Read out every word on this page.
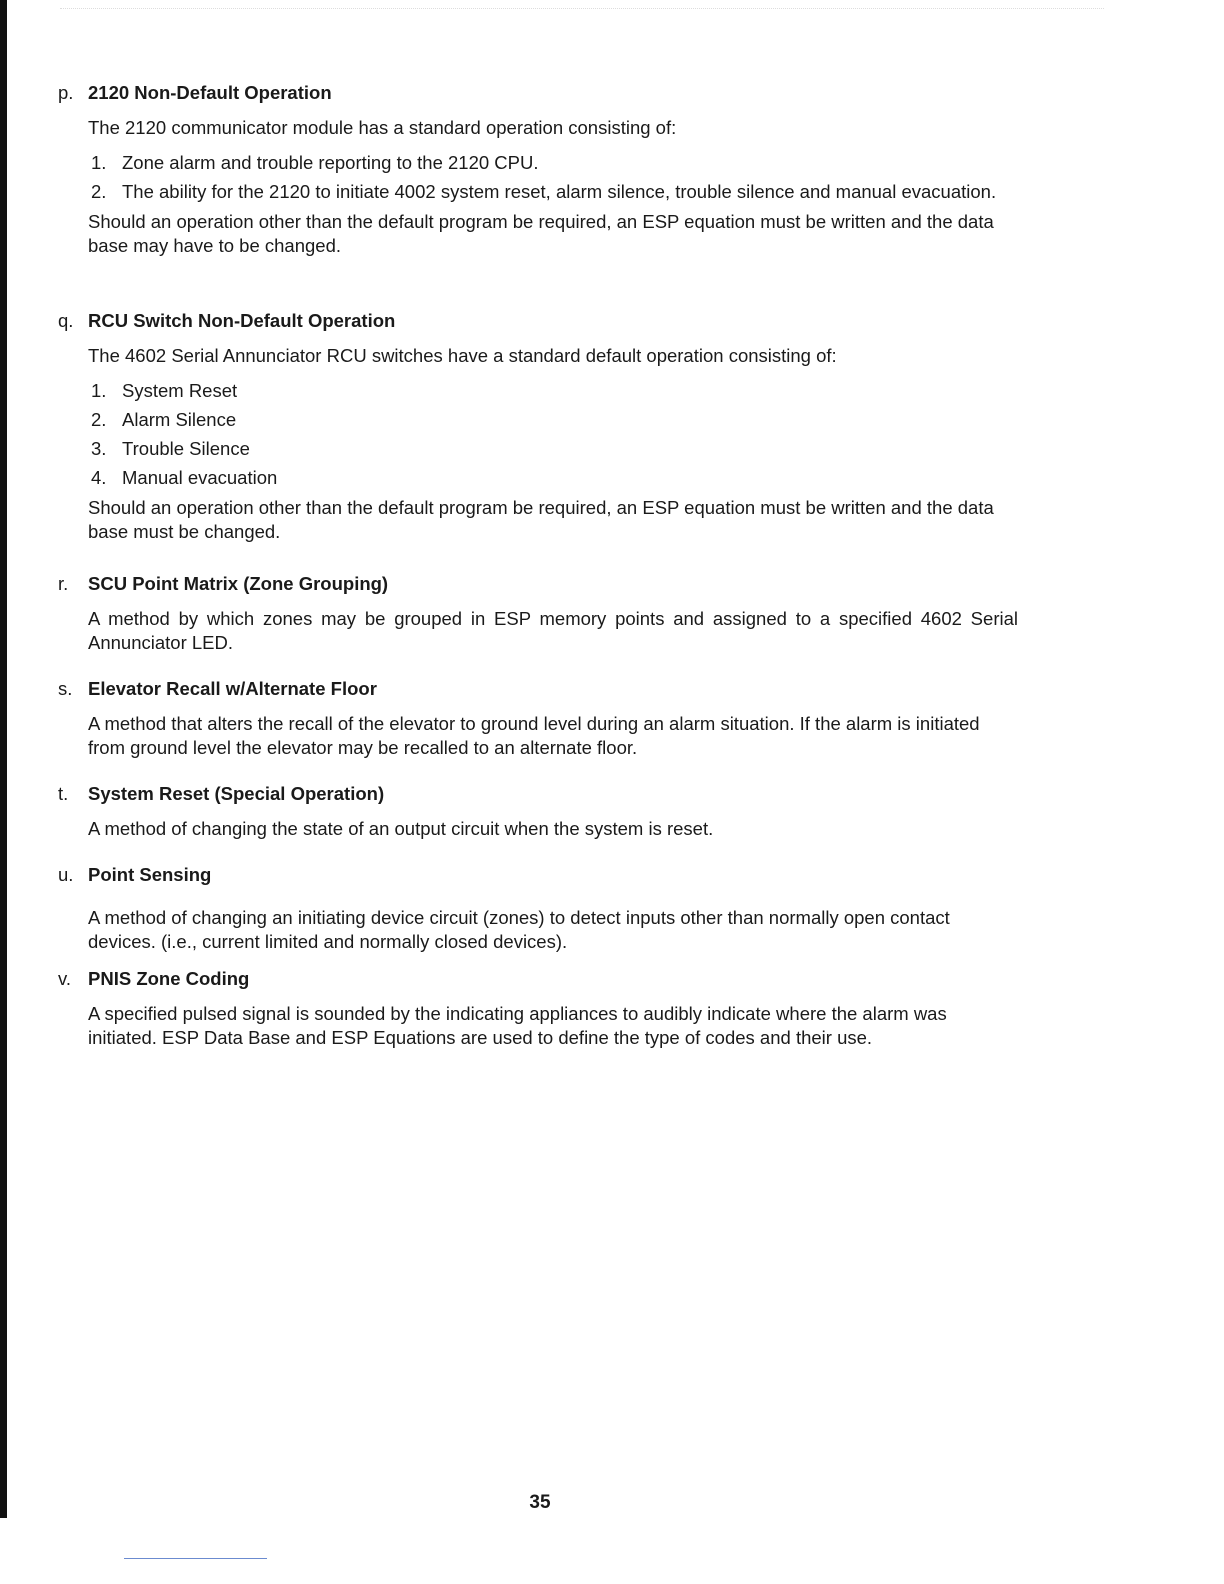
p. 2120 Non-Default Operation
The 2120 communicator module has a standard operation consisting of:
1. Zone alarm and trouble reporting to the 2120 CPU.
2. The ability for the 2120 to initiate 4002 system reset, alarm silence, trouble silence and manual evacuation.
Should an operation other than the default program be required, an ESP equation must be written and the data base may have to be changed.
q. RCU Switch Non-Default Operation
The 4602 Serial Annunciator RCU switches have a standard default operation consisting of:
1. System Reset
2. Alarm Silence
3. Trouble Silence
4. Manual evacuation
Should an operation other than the default program be required, an ESP equation must be written and the data base must be changed.
r.	SCU Point Matrix (Zone Grouping)
A method by which zones may be grouped in ESP memory points and assigned to a specified 4602 Serial Annunciator LED.
s. Elevator Recall w/Alternate Floor
A method that alters the recall of the elevator to ground level during an alarm situation. If the alarm is initiated from ground level the elevator may be recalled to an alternate floor.
t.	System Reset (Special Operation)
A method of changing the state of an output circuit when the system is reset.
u. Point Sensing
A method of changing an initiating device circuit (zones) to detect inputs other than normally open contact devices. (i.e., current limited and normally closed devices).
v. PNIS Zone Coding
A specified pulsed signal is sounded by the indicating appliances to audibly indicate where the alarm was initiated. ESP Data Base and ESP Equations are used to define the type of codes and their use.
35
